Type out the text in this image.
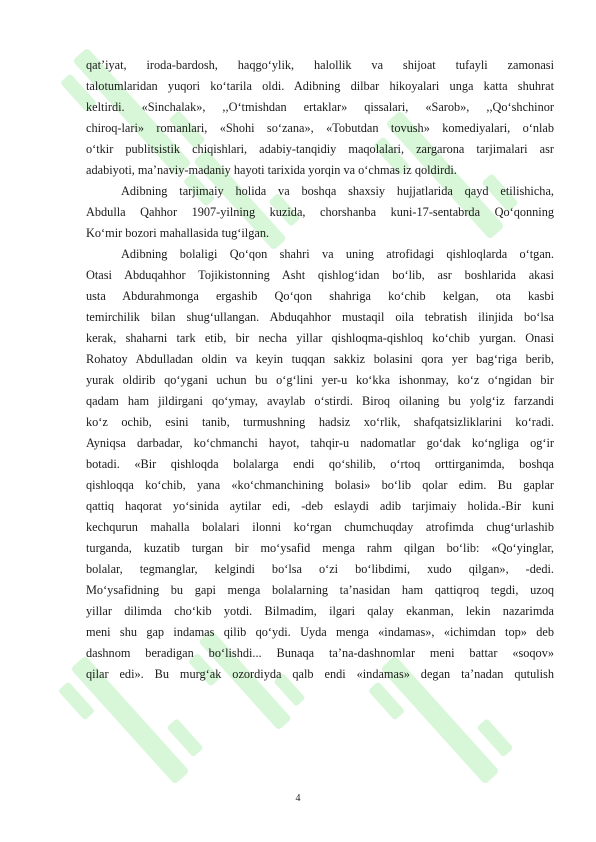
qat’iyat, iroda-bardosh, haqgo‘ylik, halollik va shijoat tufayli zamonasi

talotumlaridan yuqori ko‘tarila oldi. Adibning dilbar hikoyalari unga katta shuhrat

keltirdi. «Sinchalak», ,,O‘tmishdan ertaklar» qissalari, «Sarob», ,,Qo‘shchinor

chiroq-lari» romanlari, «Shohi so‘zana», «Tobutdan tovush» komediyalari, o‘nlab

o‘tkir publitsistik chiqishlari, adabiy-tanqidiy maqolalari, zargarona tarjimalari asr

adabiyoti, ma’naviy-madaniy hayoti tarixida yorqin va o‘chmas iz qoldirdi.

Adibning tarjimaiy holida va boshqa shaxsiy hujjatlarida qayd etilishicha,

Abdulla Qahhor 1907-yilning kuzida, chorshanba kuni-17-sentabrda Qo‘qonning

Ko‘mir bozori mahallasida tug‘ilgan.

Adibning bolaligi Qo‘qon shahri va uning atrofidagi qishloqlarda o‘tgan.

Otasi Abduqahhor Tojikistonning Asht qishlog‘idan bo‘lib, asr boshlarida akasi

usta Abdurahmonga ergashib Qo‘qon shahriga ko‘chib kelgan, ota kasbi

temirchilik bilan shug‘ullangan. Abduqahhor mustaqil oila tebratish ilinjida bo‘lsa

kerak, shaharni tark etib, bir necha yillar qishloqma-qishloq ko‘chib yurgan. Onasi

Rohatoy Abdulladan oldin va keyin tuqqan sakkiz bolasini qora yer bag‘riga berib,

yurak oldirib qo‘ygani uchun bu o‘g‘lini yer-u ko‘kka ishonmay, ko‘z o‘ngidan bir

qadam ham jildirgani qo‘ymay, avaylab o‘stirdi. Biroq oilaning bu yolg‘iz farzandi

ko‘z ochib, esini tanib, turmushning hadsiz xo‘rlik, shafqatsizliklarini ko‘radi.

Ayniqsa darbadar, ko‘chmanchi hayot, tahqir-u nadomatlar go‘dak ko‘ngliga og‘ir

botadi. «Bir qishloqda bolalarga endi qo‘shilib, o‘rtoq orttirganimda, boshqa

qishloqqa ko‘chib, yana «ko‘chmanchining bolasi» bo‘lib qolar edim. Bu gaplar

qattiq haqorat yo‘sinida aytilar edi, -deb eslaydi adib tarjimaiy holida.-Bir kuni

kechqurun mahalla bolalari ilonni ko‘rgan chumchuqday atrofimda chug‘urlashib

turganda, kuzatib turgan bir mo‘ysafid menga rahm qilgan bo‘lib: «Qo‘yinglar,

bolalar, tegmanglar, kelgindi bo‘lsa o‘zi bo‘libdimi, xudo qilgan», -dedi.

Mo‘ysafidning bu gapi menga bolalarning ta’nasidan ham qattiqroq tegdi, uzoq

yillar dilimda cho‘kib yotdi. Bilmadim, ilgari qalay ekanman, lekin nazarimda

meni shu gap indamas qilib qo‘ydi. Uyda menga «indamas», «ichimdan top» deb

dashnom beradigan bo‘lishdi... Bunaqa ta’na-dashnomlar meni battar «soqov»

qilar edi». Bu murg‘ak ozordiyda qalb endi «indamas» degan ta’nadan qutulish

4
